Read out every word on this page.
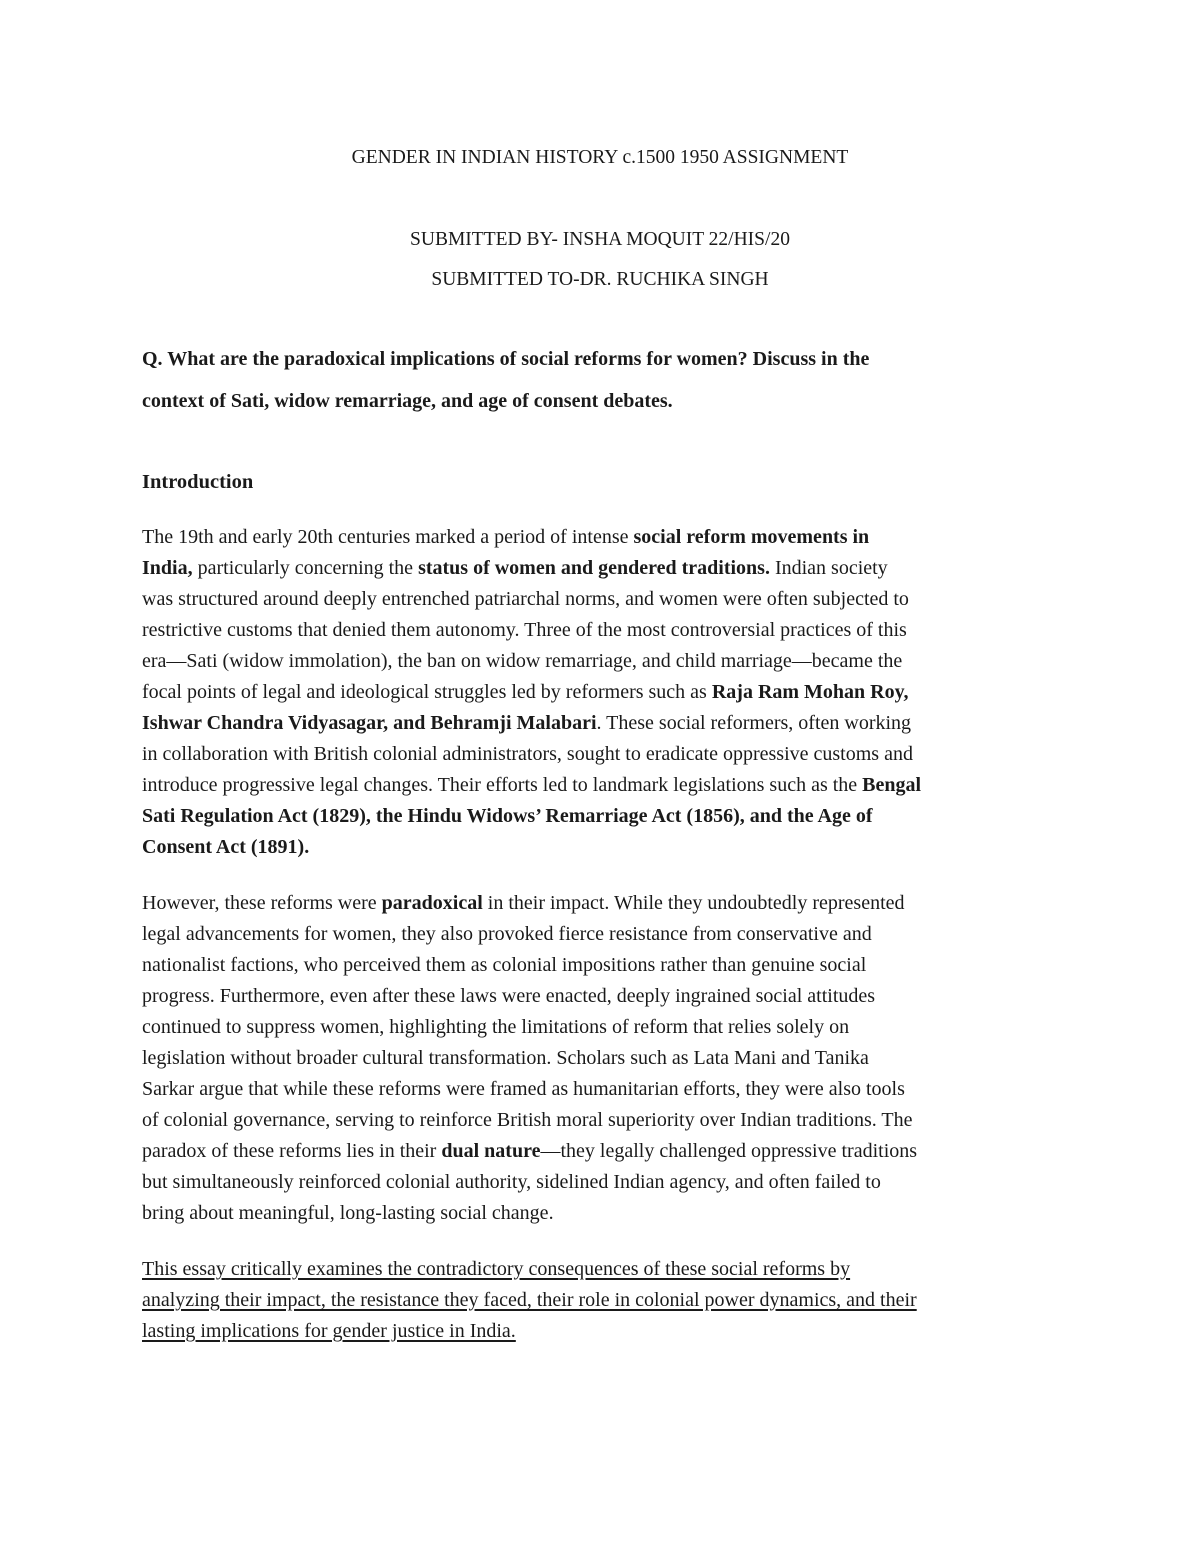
GENDER IN INDIAN HISTORY c.1500 1950 ASSIGNMENT
SUBMITTED BY- INSHA MOQUIT 22/HIS/20
SUBMITTED TO-DR. RUCHIKA SINGH
Q. What are the paradoxical implications of social reforms for women? Discuss in the
context of Sati, widow remarriage, and age of consent debates.
Introduction
The 19th and early 20th centuries marked a period of intense social reform movements in
India, particularly concerning the status of women and gendered traditions. Indian society
was structured around deeply entrenched patriarchal norms, and women were often subjected to
restrictive customs that denied them autonomy. Three of the most controversial practices of this
era—Sati (widow immolation), the ban on widow remarriage, and child marriage—became the
focal points of legal and ideological struggles led by reformers such as Raja Ram Mohan Roy,
Ishwar Chandra Vidyasagar, and Behramji Malabari. These social reformers, often working
in collaboration with British colonial administrators, sought to eradicate oppressive customs and
introduce progressive legal changes. Their efforts led to landmark legislations such as the Bengal
Sati Regulation Act (1829), the Hindu Widows’ Remarriage Act (1856), and the Age of
Consent Act (1891).
However, these reforms were paradoxical in their impact. While they undoubtedly represented
legal advancements for women, they also provoked fierce resistance from conservative and
nationalist factions, who perceived them as colonial impositions rather than genuine social
progress. Furthermore, even after these laws were enacted, deeply ingrained social attitudes
continued to suppress women, highlighting the limitations of reform that relies solely on
legislation without broader cultural transformation. Scholars such as Lata Mani and Tanika
Sarkar argue that while these reforms were framed as humanitarian efforts, they were also tools
of colonial governance, serving to reinforce British moral superiority over Indian traditions. The
paradox of these reforms lies in their dual nature—they legally challenged oppressive traditions
but simultaneously reinforced colonial authority, sidelined Indian agency, and often failed to
bring about meaningful, long-lasting social change.
This essay critically examines the contradictory consequences of these social reforms by
analyzing their impact, the resistance they faced, their role in colonial power dynamics, and their
lasting implications for gender justice in India.
